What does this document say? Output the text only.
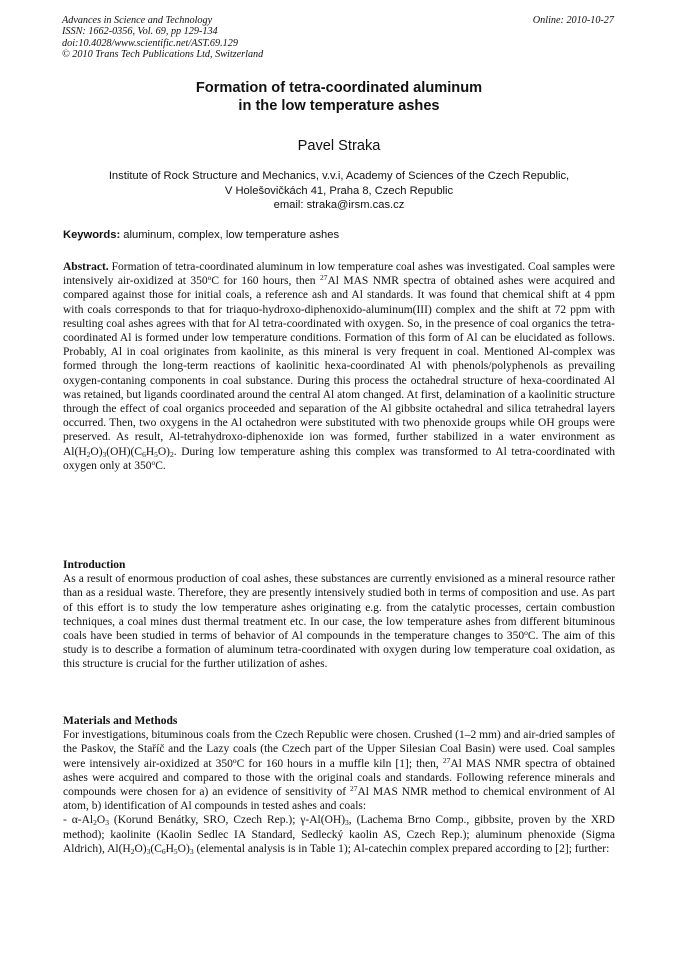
Advances in Science and Technology
ISSN: 1662-0356, Vol. 69, pp 129-134
doi:10.4028/www.scientific.net/AST.69.129
© 2010 Trans Tech Publications Ltd, Switzerland
Online: 2010-10-27
Formation of tetra-coordinated aluminum
in the low temperature ashes
Pavel Straka
Institute of Rock Structure and Mechanics, v.v.i, Academy of Sciences of the Czech Republic,
V Holešovičkách 41, Praha 8, Czech Republic
email: straka@irsm.cas.cz
Keywords: aluminum, complex, low temperature ashes

Abstract. Formation of tetra-coordinated aluminum in low temperature coal ashes was investigated. Coal samples were intensively air-oxidized at 350$^o$C for 160 hours, then $^{27}$Al MAS NMR spectra of obtained ashes were acquired and compared against those for initial coals, a reference ash and Al standards. It was found that chemical shift at 4 ppm with coals corresponds to that for triaquo-hydroxo-diphenoxido-aluminum(III) complex and the shift at 72 ppm with resulting coal ashes agrees with that for Al tetra-coordinated with oxygen. So, in the presence of coal organics the tetra-coordinated Al is formed under low temperature conditions. Formation of this form of Al can be elucidated as follows. Probably, Al in coal originates from kaolinite, as this mineral is very frequent in coal. Mentioned Al-complex was formed through the long-term reactions of kaolinitic hexa-coordinated Al with phenols/polyphenols as prevailing oxygen-contaning components in coal substance. During this process the octahedral structure of hexa-coordinated Al was retained, but ligands coordinated around the central Al atom changed. At first, delamination of a kaolinitic structure through the effect of coal organics proceeded and separation of the Al gibbsite octahedral and silica tetrahedral layers occurred. Then, two oxygens in the Al octahedron were substituted with two phenoxide groups while OH groups were preserved. As result, Al-tetrahydroxo-diphenoxide ion was formed, further stabilized in a water environment as $Al(H_2O)_3(OH)(C_6H_5O)_2$. During low temperature ashing this complex was transformed to Al tetra-coordinated with oxygen only at 350$^o$C.

Introduction

As a result of enormous production of coal ashes, these substances are currently envisioned as a mineral resource rather than as a residual waste. Therefore, they are presently intensively studied both in terms of composition and use. As part of this effort is to study the low temperature ashes originating e.g. from the catalytic processes, certain combustion techniques, a coal mines dust thermal treatment etc. In our case, the low temperature ashes from different bituminous coals have been studied in terms of behavior of Al compounds in the temperature changes to 350$^o$C. The aim of this study is to describe a formation of aluminum tetra-coordinated with oxygen during low temperature coal oxidation, as this structure is crucial for the further utilization of ashes.

Materials and Methods

For investigations, bituminous coals from the Czech Republic were chosen. Crushed (1–2 mm) and air-dried samples of the Paskov, the Staříč and the Lazy coals (the Czech part of the Upper Silesian Coal Basin) were used. Coal samples were intensively air-oxidized at 350$^o$C for 160 hours in a muffle kiln [1]; then, $^{27}$Al MAS NMR spectra of obtained ashes were acquired and compared to those with the original coals and standards. Following reference minerals and compounds were chosen for a) an evidence of sensitivity of $^{27}$Al MAS NMR method to chemical environment of Al atom, b) identification of Al compounds in tested ashes and coals:

- $\alpha-Al_2O_3$ (Korund Benátky, SRO, Czech Rep.); $\gamma-Al(OH)_3$, (Lachema Brno Comp., gibbsite, proven by the XRD method); kaolinite (Kaolin Sedlec IA Standard, Sedlecký kaolin AS, Czech Rep.); aluminum phenoxide (Sigma Aldrich), $Al(H_2O)_3(C_6H_5O)_3$ (elemental analysis is in Table 1); Al-catechin complex prepared according to [2]; further:
